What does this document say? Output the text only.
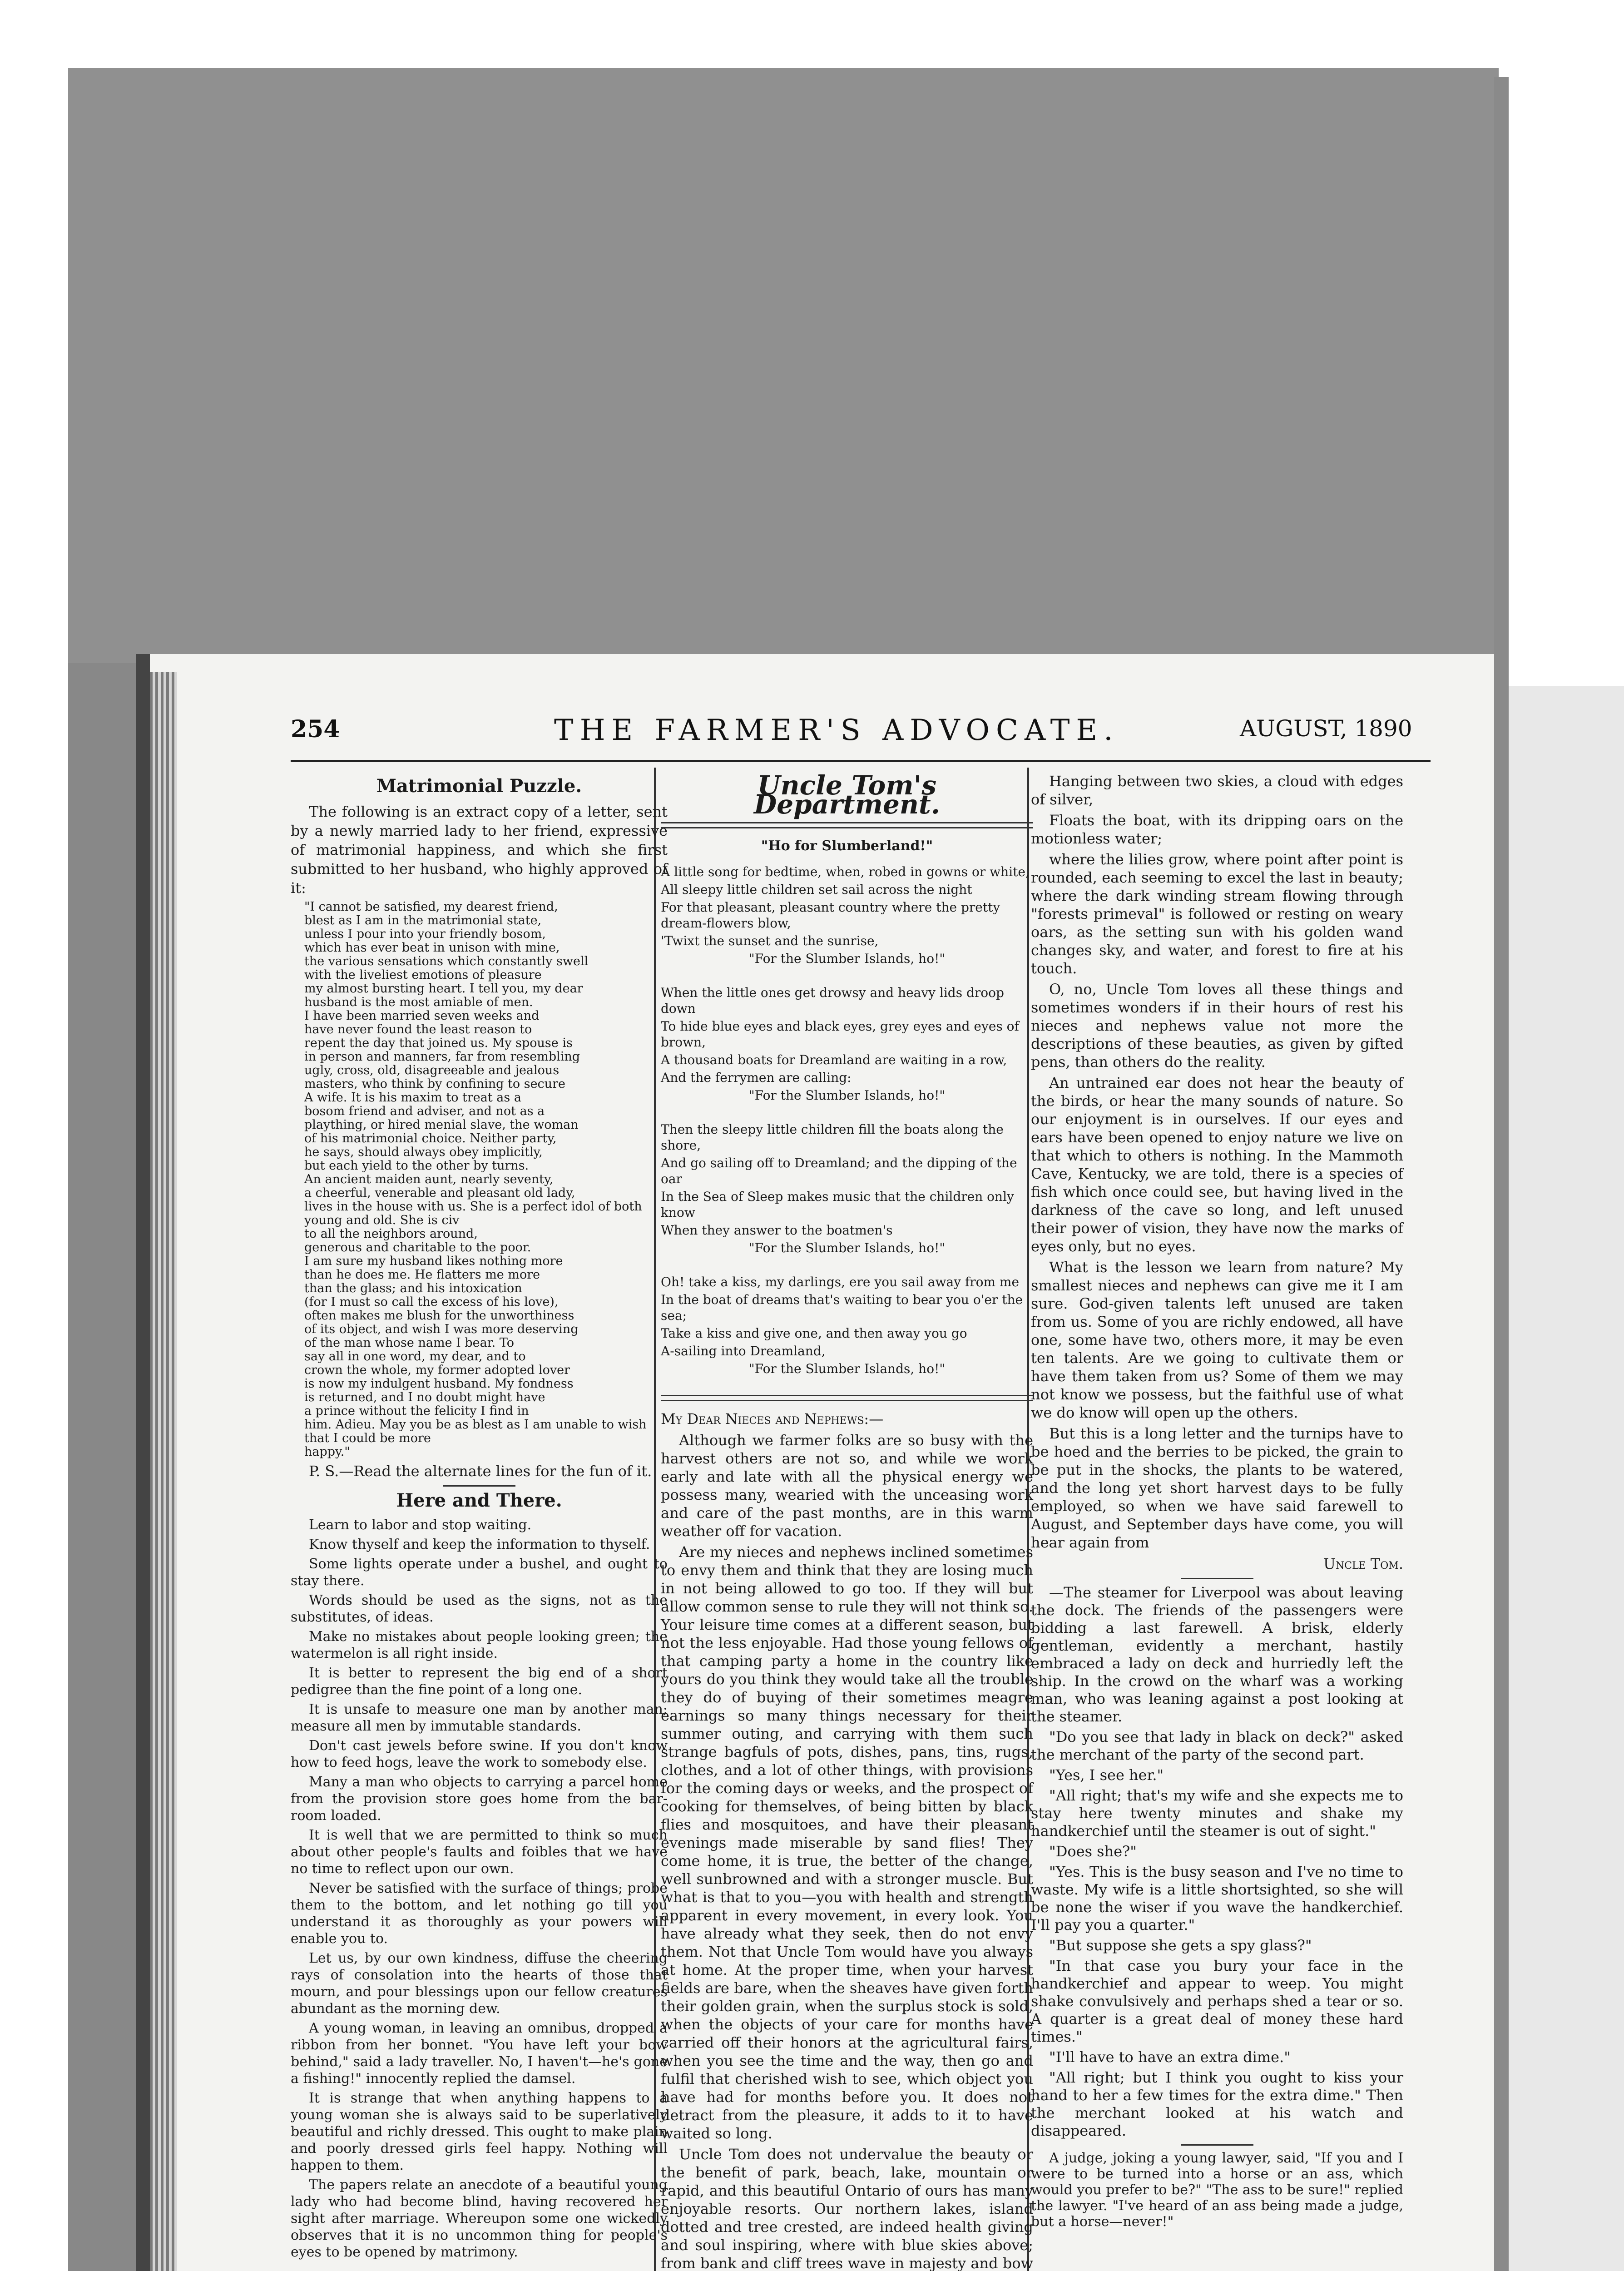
254	THE FARMER'S ADVOCATE.	AUGUST, 1890
Matrimonial Puzzle.

The following is an extract copy of a letter, sent by a newly married lady to her friend, expressive of matrimonial happiness, and which she first submitted to her husband, who highly approved of it:

"I cannot be satisfied, my dearest friend,
blest as I am in the matrimonial state,
unless I pour into your friendly bosom,
which has ever beat in unison with mine,
the various sensations which constantly swell
with the liveliest emotions of pleasure
my almost bursting heart. I tell you, my dear
husband is the most amiable of men.
I have been married seven weeks and
have never found the least reason to
repent the day that joined us. My spouse is
in person and manners, far from resembling
ugly, cross, old, disagreeable and jealous
masters, who think by confining to secure
A wife. It is his maxim to treat as a
bosom friend and adviser, and not as a
plaything, or hired menial slave, the woman
of his matrimonial choice. Neither party,
he says, should always obey implicitly,
but each yield to the other by turns.
An ancient maiden aunt, nearly seventy,
a cheerful, venerable and pleasant old lady,
lives in the house with us. She is a perfect idol of both young and old. She is civ
to all the neighbors around,
generous and charitable to the poor.
I am sure my husband likes nothing more
than he does me. He flatters me more
than the glass; and his intoxication
(for I must so call the excess of his love),
often makes me blush for the unworthiness
of its object, and wish I was more deserving
of the man whose name I bear. To
say all in one word, my dear, and to
crown the whole, my former adopted lover
is now my indulgent husband. My fondness
is returned, and I no doubt might have
a prince without the felicity I find in
him. Adieu. May you be as blest as I am unable to wish that I could be more
happy."

P. S.—Read the alternate lines for the fun of it.

Here and There.

Learn to labor and stop waiting.

Know thyself and keep the information to thyself.

Some lights operate under a bushel, and ought to stay there.

Words should be used as the signs, not as the substitutes, of ideas.

Make no mistakes about people looking green; the watermelon is all right inside.

It is better to represent the big end of a short pedigree than the fine point of a long one.

It is unsafe to measure one man by another man; measure all men by immutable standards.

Don't cast jewels before swine. If you don't know how to feed hogs, leave the work to somebody else.

Many a man who objects to carrying a parcel home from the provision store goes home from the bar-room loaded.

It is well that we are permitted to think so much about other people's faults and foibles that we have no time to reflect upon our own.

Never be satisfied with the surface of things; probe them to the bottom, and let nothing go till you understand it as thoroughly as your powers will enable you to.

Let us, by our own kindness, diffuse the cheering rays of consolation into the hearts of those that mourn, and pour blessings upon our fellow creatures abundant as the morning dew.

A young woman, in leaving an omnibus, dropped a ribbon from her bonnet. "You have left your bow behind," said a lady traveller. No, I haven't—he's gone a fishing!" innocently replied the damsel.

It is strange that when anything happens to a young woman she is always said to be superlatively beautiful and richly dressed. This ought to make plain and poorly dressed girls feel happy. Nothing will happen to them.

The papers relate an anecdote of a beautiful young lady who had become blind, having recovered her sight after marriage. Whereupon some one wickedly observes that it is no uncommon thing for people's eyes to be opened by matrimony.

Uncle Tom's Department.
"Ho for Slumberland!"
A little song for bedtime, when, robed in gowns or white,
All sleepy little children set sail across the night
For that pleasant, pleasant country where the pretty dream-flowers blow,
'Twixt the sunset and the sunrise,
"For the Slumber Islands, ho!"
When the little ones get drowsy and heavy lids droop down
To hide blue eyes and black eyes, grey eyes and eyes of brown,
A thousand boats for Dreamland are waiting in a row,
And the ferrymen are calling:
"For the Slumber Islands, ho!"
Then the sleepy little children fill the boats along the shore,
And go sailing off to Dreamland; and the dipping of the oar
In the Sea of Sleep makes music that the children only know
When they answer to the boatmen's
"For the Slumber Islands, ho!"
Oh! take a kiss, my darlings, ere you sail away from me
In the boat of dreams that's waiting to bear you o'er the sea;
Take a kiss and give one, and then away you go
A-sailing into Dreamland,
"For the Slumber Islands, ho!"

My Dear Nieces and Nephews:—

Although we farmer folks are so busy with the harvest others are not so, and while we work early and late with all the physical energy we possess many, wearied with the unceasing work and care of the past months, are in this warm weather off for vacation.

Are my nieces and nephews inclined sometimes to envy them and think that they are losing much in not being allowed to go too. If they will but allow common sense to rule they will not think so. Your leisure time comes at a different season, but not the less enjoyable. Had those young fellows of that camping party a home in the country like yours do you think they would take all the trouble they do of buying of their sometimes meagre earnings so many things necessary for their summer outing, and carrying with them such strange bagfuls of pots, dishes, pans, tins, rugs, clothes, and a lot of other things, with provisions for the coming days or weeks, and the prospect of cooking for themselves, of being bitten by black flies and mosquitoes, and have their pleasant evenings made miserable by sand flies! They come home, it is true, the better of the change, well sunbrowned and with a stronger muscle. But what is that to you—you with health and strength apparent in every movement, in every look. You have already what they seek, then do not envy them. Not that Uncle Tom would have you always at home. At the proper time, when your harvest fields are bare, when the sheaves have given forth their golden grain, when the surplus stock is sold, when the objects of your care for months have carried off their honors at the agricultural fairs, when you see the time and the way, then go and fulfil that cherished wish to see, which object you have had for months before you. It does not detract from the pleasure, it adds to it to have waited so long.

Uncle Tom does not undervalue the beauty or the benefit of park, beach, lake, mountain or rapid, and this beautiful Ontario of ours has many enjoyable resorts. Our northern lakes, island dotted and tree crested, are indeed health giving and soul inspiring, where with blue skies above; from bank and cliff trees wave in majesty and bow

Hanging between two skies, a cloud with edges of silver,

Floats the boat, with its dripping oars on the motionless water;

where the lilies grow, where point after point is rounded, each seeming to excel the last in beauty; where the dark winding stream flowing through "forests primeval" is followed or resting on weary oars, as the setting sun with his golden wand changes sky, and water, and forest to fire at his touch.

O, no, Uncle Tom loves all these things and sometimes wonders if in their hours of rest his nieces and nephews value not more the descriptions of these beauties, as given by gifted pens, than others do the reality.

An untrained ear does not hear the beauty of the birds, or hear the many sounds of nature. So our enjoyment is in ourselves. If our eyes and ears have been opened to enjoy nature we live on that which to others is nothing. In the Mammoth Cave, Kentucky, we are told, there is a species of fish which once could see, but having lived in the darkness of the cave so long, and left unused their power of vision, they have now the marks of eyes only, but no eyes.

What is the lesson we learn from nature? My smallest nieces and nephews can give me it I am sure. God-given talents left unused are taken from us. Some of you are richly endowed, all have one, some have two, others more, it may be even ten talents. Are we going to cultivate them or have them taken from us? Some of them we may not know we possess, but the faithful use of what we do know will open up the others.

But this is a long letter and the turnips have to be hoed and the berries to be picked, the grain to be put in the shocks, the plants to be watered, and the long yet short harvest days to be fully employed, so when we have said farewell to August, and September days have come, you will hear again from

Uncle Tom.

—The steamer for Liverpool was about leaving the dock. The friends of the passengers were bidding a last farewell. A brisk, elderly gentleman, evidently a merchant, hastily embraced a lady on deck and hurriedly left the ship. In the crowd on the wharf was a working man, who was leaning against a post looking at the steamer.

"Do you see that lady in black on deck?" asked the merchant of the party of the second part.

"Yes, I see her."

"All right; that's my wife and she expects me to stay here twenty minutes and shake my handkerchief until the steamer is out of sight."

"Does she?"

"Yes. This is the busy season and I've no time to waste. My wife is a little shortsighted, so she will be none the wiser if you wave the handkerchief. I'll pay you a quarter."

"But suppose she gets a spy glass?"

"In that case you bury your face in the handkerchief and appear to weep. You might shake convulsively and perhaps shed a tear or so. A quarter is a great deal of money these hard times."

"I'll have to have an extra dime."

"All right; but I think you ought to kiss your hand to her a few times for the extra dime." Then the merchant looked at his watch and disappeared.

A judge, joking a young lawyer, said, "If you and I were to be turned into a horse or an ass, which would you prefer to be?" "The ass to be sure!" replied the lawyer. "I've heard of an ass being made a judge, but a horse—never!"
